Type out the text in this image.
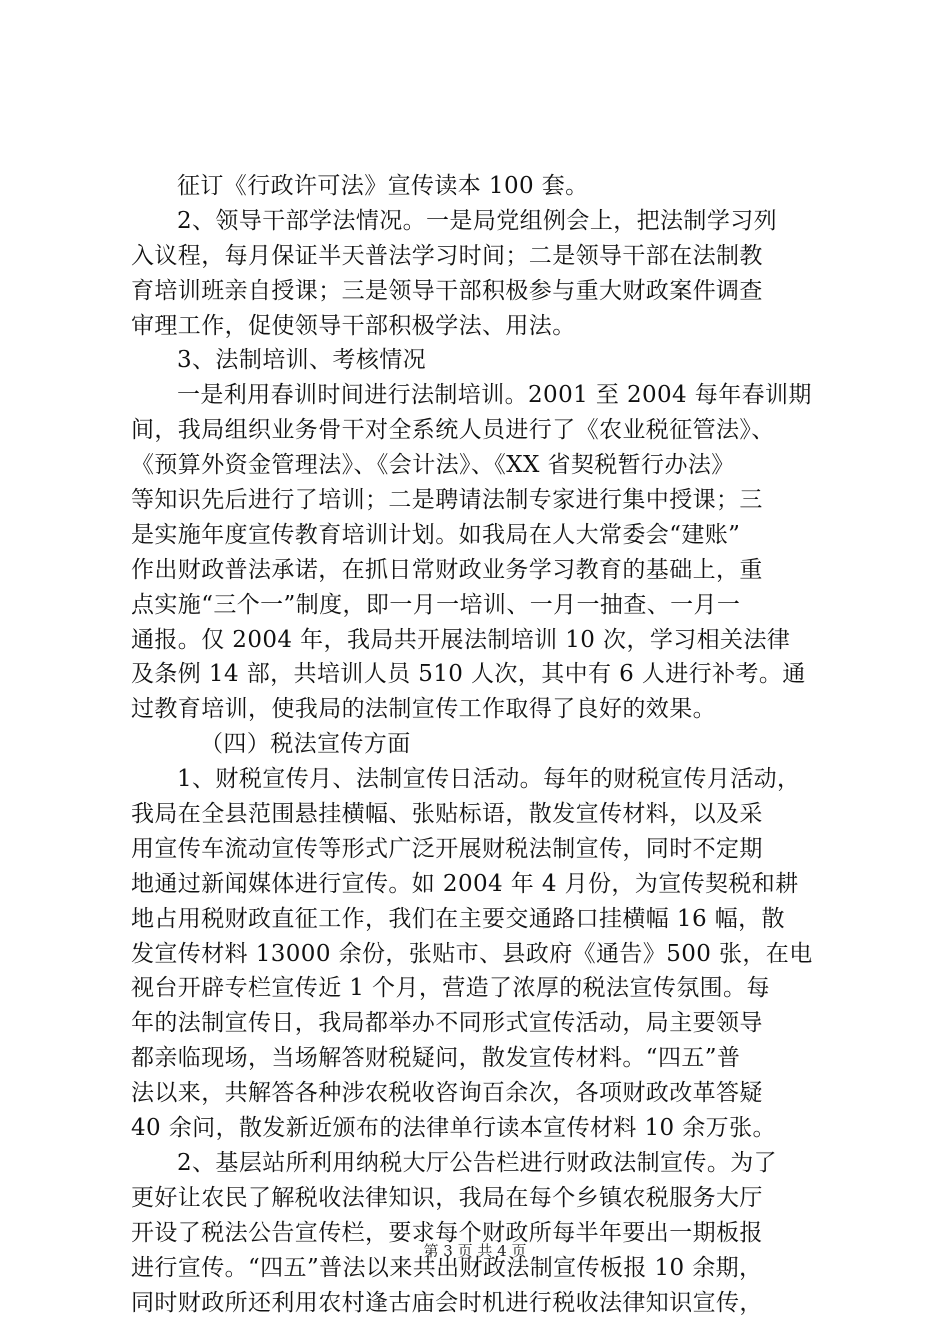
征订《行政许可法》宣传读本 100 套。
2、领导干部学法情况。一是局党组例会上，把法制学习列
入议程，每月保证半天普法学习时间；二是领导干部在法制教
育培训班亲自授课；三是领导干部积极参与重大财政案件调查
审理工作，促使领导干部积极学法、用法。
3、法制培训、考核情况
一是利用春训时间进行法制培训。2001 至 2004 每年春训期
间，我局组织业务骨干对全系统人员进行了《农业税征管法》、
《预算外资金管理法》、《会计法》、《XX 省契税暂行办法》
等知识先后进行了培训；二是聘请法制专家进行集中授课；三
是实施年度宣传教育培训计划。如我局在人大常委会“建账”
作出财政普法承诺，在抓日常财政业务学习教育的基础上，重
点实施“三个一”制度，即一月一培训、一月一抽查、一月一
通报。仅 2004 年，我局共开展法制培训 10 次，学习相关法律
及条例 14 部，共培训人员 510 人次，其中有 6 人进行补考。通
过教育培训，使我局的法制宣传工作取得了良好的效果。
（四）税法宣传方面
1、财税宣传月、法制宣传日活动。每年的财税宣传月活动，
我局在全县范围悬挂横幅、张贴标语，散发宣传材料，以及采
用宣传车流动宣传等形式广泛开展财税法制宣传，同时不定期
地通过新闻媒体进行宣传。如 2004 年 4 月份，为宣传契税和耕
地占用税财政直征工作，我们在主要交通路口挂横幅 16 幅，散
发宣传材料 13000 余份，张贴市、县政府《通告》500 张，在电
视台开辟专栏宣传近 1 个月，营造了浓厚的税法宣传氛围。每
年的法制宣传日，我局都举办不同形式宣传活动，局主要领导
都亲临现场，当场解答财税疑问，散发宣传材料。“四五”普
法以来，共解答各种涉农税收咨询百余次，各项财政改革答疑
40 余问，散发新近颁布的法律单行读本宣传材料 10 余万张。
2、基层站所利用纳税大厅公告栏进行财政法制宣传。为了
更好让农民了解税收法律知识，我局在每个乡镇农税服务大厅
开设了税法公告宣传栏，要求每个财政所每半年要出一期板报
进行宣传。“四五”普法以来共出财政法制宣传板报 10 余期，
同时财政所还利用农村逢古庙会时机进行税收法律知识宣传，
第 3 页 共 4 页
